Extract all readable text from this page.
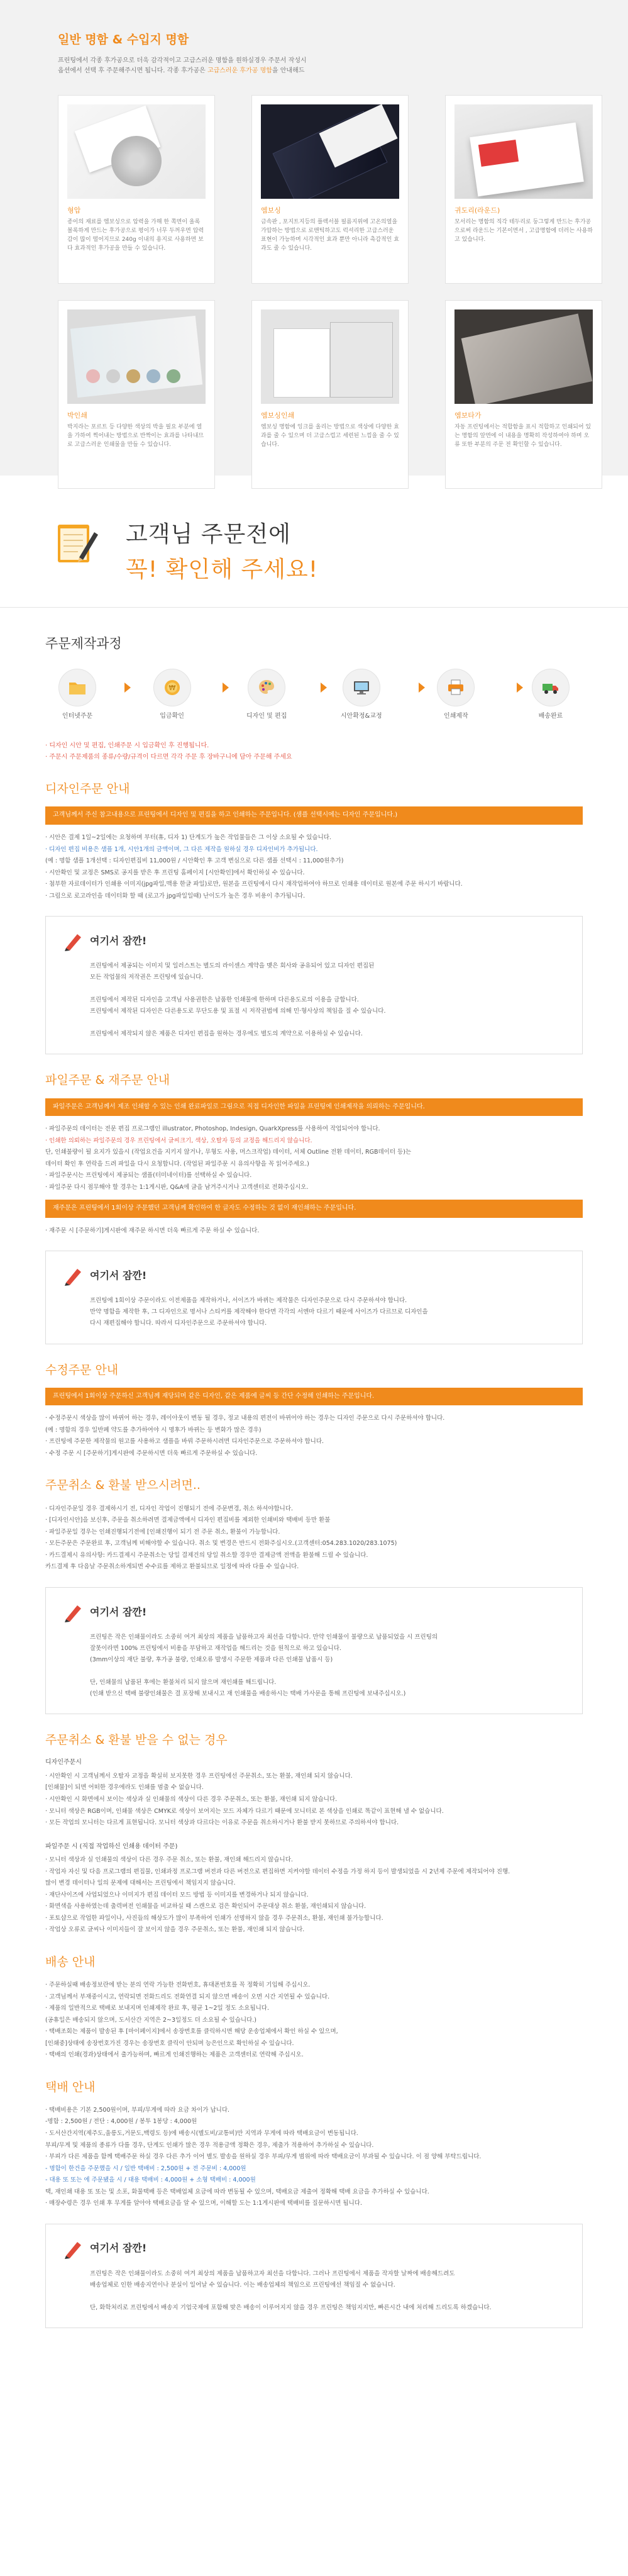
일반 명함 & 수입지 명함
프린팅에서 각종 후가공으로 더욱 감각적이고 고급스러운 명함을 원하실경우 주문서 작성시
옵션에서 선택 후 주문해주시면 됩니다. 각종 후가공은 고급스러운 후가공 명함을 안내해드
형압
종이의 재료를 엠보싱으로 압력을 가해 한 쪽면이 올록 볼록하게 만드는 후가공으로 평이가 너무 두꺼우면 압력감이 많이 떨어지므로 240g 이내의 용지로 사용하면 보다 효과적인 후가공을 만들 수 있습니다.
엠보싱
금속판 , 포지트지등의 플렉서블 필름지위에 고온의열을 가압하는 방법으로 로맨틱하고도 럭셔리한 고급스러운 표현이 가능하며 시각적인 효과 뿐만 아니라 촉감적인 효과도 줄 수 있습니다.
귀도리(라운드)
모서리는 명함의 직각 테두리로 둥그렇게 만드는 후가공으로써 라운드는 기본이면서 , 고급명함에 더러는 사용하고 있습니다.
박인쇄
박지라는 포르트 등 다양한 색상의 박을 필요 부분에 열을 가하여 찍어내는 방법으로 반짝이는 효과를 나타내므로 고급스러운 인쇄물을 만들 수 있습니다.
엠보싱인쇄
엠보싱 명함에 잉크를 올리는 방법으로 색상에 다양한 효과를 줄 수 있으며 더 고급스럽고 세련된 느낌을 줄 수 있습니다.
엠보타가
자동 프린팅에서는 적합함을 표시 적합하고 인쇄되어 있는 명함의 앞면에 이 내용을 명확히 작성하여야 하며 오류 또한 부분의 주문 전 확인할 수 있습니다.
고객님 주문전에
꼭! 확인해 주세요!
주문제작과정
인터넷주문
₩
입금확인	디자인 및 편집	시안확정&교정	인쇄제작	배송완료
· 디자인 시안 및 편집, 인쇄주문 시 입금확인 후 진행됩니다.
· 주문시 주문제품의 종류/수량/규격이 다르면 각각 주문 후 장바구니에 담아 주문해 주세요
디자인주문 안내
고객님께서 주신 참고내용으로 프린팅에서 디자인 및 편집을 하고 인쇄하는 주문입니다. (샘플 선택시에는 디자인 주문입니다.)
· 시안은 결제 1일~2일에는 요청하며 부터(휴, 디자 1) 단계도가 높은 작업물들은 그 이상 소요될 수 있습니다.
· 디자인 편집 비용은 샘플 1개, 시안1개의 금액이며, 그 다른 제작을 원하실 경우 디자인비가 추가됩니다.
(예 : 명함 샘플 1개선택 : 디자인편집비 11,000원 / 시안확인 후 고객 변심으로 다른 샘플 선택시 : 11,000원추가)
· 시안확인 및 교정은 SMS로 공지를 받은 후 프린팅 홈페이지 [시안확인]에서 확인하실 수 있습니다.
· 첨부한 자료데이터가 인쇄용 이미지(jpg파일,맥용 한글 파일)로만, 원본을 프린팅에서 다시 재작업하여야 하므로 인쇄용 데이터로 원본에 주문 하시기 바랍니다.
· 그림으로 로고라인을 데이터화 할 때 (로고가 jpg파일일때) 난이도가 높은 경우 비용이 추가됩니다.
여기서 잠깐!

프린팅에서 제공되는 이미지 및 일러스트는 별도의 라이센스 계약을 맺은 회사와 공유되어 있고 디자인 편집된
모든 작업물의 저작권은 프린팅에 있습니다.

프린팅에서 제작된 디자인을 고객님 사용권한은 납품한 인쇄물에 한하며 다른용도로의 이용을 금합니다.
프린팅에서 제작된 디자인은 다른용도로 무단도용 및 표절 시 저작권법에 의해 민·형사상의 책임을 질 수 있습니다.

프린팅에서 제작되지 않은 제품은 디자인 편집을 원하는 경우에도 별도의 계약으로 이용하실 수 있습니다.

파일주문 & 재주문 안내
파일주문은 고객님께서 제조 인쇄할 수 있는 인쇄 완료파일로 그림으로 직접 디자인한 파일을 프린팅에 인쇄제작을 의뢰하는 주문입니다.
· 파일주문의 데이터는 전문 편집 프로그램인 illustrator, Photoshop, Indesign, QuarkXpress를 사용하여 작업되어야 합니다.
· 인쇄한 의뢰하는 파일주문의 경우 프린팅에서 글씨크기, 색상, 오탈자 등의 교정을 해드리지 않습니다.
단, 인쇄불량이 될 요지가 있을시 (작업요건을 지키지 않거나, 무형도 사용, 머스크작업) 데이터, 서체 Outline 전환 데이터, RGB데이터 등)는
데이터 확인 후 연락을 드려 파일을 다시 요청합니다. (작업된 파일주문 시 유의사항을 꼭 읽어주세요.)
· 파일주문시는 프린팅에서 제공되는 샘플(터미네이터)를 선택하실 수 있습니다.
· 파일주문 다시 점무해야 할 경우는 1:1게시판, Q&A에 글을 남겨주시거나 고객센터로 전화주십시오.
재주문은 프린팅에서 1회이상 주문했던 고객님께 확인하여 한 글자도 수정하는 것 없이 재인쇄하는 주문입니다.
· 재주문 시 [주문하기]게시판에 재주문 하시면 더욱 빠르게 주문 하실 수 있습니다.
여기서 잠깐!

프린팅에 1회이상 주문이라도 이전제품을 제작하거나, 서이즈가 바뀌는 제작물은 디자인주문으로 다시 주문하셔야 합니다.
만약 명함을 제작한 후, 그 디자인으로 명서나 스티커를 제작해야 한다면 각각의 서엔마 다르기 때문에 사이즈가 다르므로 디자인을
다시 재편집해야 합니다. 따라서 디자인주문으로 주문하셔야 합니다.

수정주문 안내
프린팅에서 1회이상 주문하신 고객님께 재당되며 같은 디자인, 같은 제품에 글씨 등 간단 수정해 인쇄하는 주문입니다.
· 수정주문시 색상을 많이 바뀌어 하는 경우, 레이아웃이 변동 될 경우, 정교 내용의 편전이 바뀌어야 하는 경우는 디자인 주문으로 다시 주문하셔야 합니다.
(예 : 명함의 경우 일반폐 약도를 추가하여야 시 명후가 바뀌는 등 변화가 많은 경우)
· 프린팅에 주문한 제작물의 원고를 사용하고 샘플을 바꿔 주문하시려면 디자인주문으로 주문하셔야 합니다.
· 수정 주문 시 [주문하기]게시판에 주문하시면 더욱 빠르게 주문하실 수 있습니다.
주문취소 & 환불 받으시려면..
· 디자인주문일 경우 결제하시기 전, 디자인 작업이 진행되기 전에 주문변경, 취소 하셔야합니다.
· [디자인시안]을 보신후, 주문을 취소하려면 결제금액에서 디자인 편집비를 제외한 인쇄비와 택배비 등만 환불
· 파일주문일 경우는 인쇄진행되기전에 [인쇄진행이 되기 전 주문 취소, 환불이 가능합니다.
· 모든주문은 주문완료 후, 고객님께 비해야할 수 있습니다. 취소 및 변경은 반드시 전화주십시오.(고객센터:054.283.1020/283.1075)
· 카드결제시 유의사항: 카드결제시 주문취소는 당일 결제건의 당일 취소할 경우만 결제금액 전액을 환불해 드릴 수 있습니다.
카드결제 후 다음날 주문취소하게되면 수수료를 제하고 환불되므로 일정에 따라 다를 수 있습니다.
여기서 잠깐!

프린팅은 작은 인쇄물이라도 소중히 여겨 최상의 제품을 납품하고자 최선을 다합니다. 만약 인쇄물이 불량으로 납품되었을 시 프린팅의
잘못이라면 100% 프린팅에서 비용을 부담하고 재작업을 해드리는 것을 원칙으로 하고 있습니다.
(3mm이상의 재단 불량, 후가공 불량, 인쇄오류 발생시 주문한 제품과 다른 인쇄물 납품시 등)

단, 인쇄물의 납품된 후에는 환불처리 되지 않으며 재인쇄를 해드립니다.
(인쇄 받으신 택배 불량인쇄물은 결 포장해 보내시고 재 인쇄물을 배송하시는 택배 가사문을 통해 프린팅에 보내주십시오.)

주문취소 & 환불 받을 수 없는 경우
디자인주문시
· 시안확인 시 고객님께서 오탈자 교정을 확실히 보지못한 경우 프린팅에선 주문취소, 또는 환불, 재인쇄 되지 않습니다.
[인쇄물]이 되면 어떠한 경우에라도 인쇄를 멈출 수 없습니다.
· 시안확인 시 화면에서 보이는 색상과 실 인쇄물의 색상이 다른 경우 주문취소, 또는 환불, 재인쇄 되지 않습니다.
· 모니터 색상은 RGB이며, 인쇄물 색상은 CMYK로 색상이 보여지는 모드 자체가 다르기 때문에 모니터로 본 색상을 인쇄로 똑같이 표현해 낼 수 없습니다.
· 모든 작업의 모니터는 다르게 표현됩니다. 모니터 색상과 다르다는 이유로 주문을 취소하시거나 환불 받지 못하므로 주의하셔야 합니다.
파일주문 시 (직접 작업하신 인쇄용 데이터 주문)
· 모니터 색상과 실 인쇄물의 색상이 다른 경우 주문 취소, 또는 환불, 재인쇄 해드리지 않습니다.
· 작업자 자신 및 다음 프로그램의 편집물, 인쇄과정 프로그램 버전과 다른 버전으로 편집하면 지켜야할 데이터 수정을 가정 하지 등이 발생되었을 시 2년제 주문에 제작되어야 진행.
많이 변경 데이터나 일의 문제에 대해서는 프린팅에서 책임지지 않습니다.
· 재단사이즈에 사업되었으나 이미지가 편집 데이터 모드 방법 등 이미지를 변경하거나 되지 않습니다.
· 화면색을 사용하였는데 출력버전 인쇄물을 비교하실 때 스캔으로 검은 확인되어 주문대상 취소 환불, 재인쇄되지 않습니다.
· 포토샵으로 작업한 파일이나, 사진들의 해상도가 많이 부족하여 인쇄가 선명하지 않을 경우 주문취소, 환불, 재인쇄 불가능합니다.
· 작업상 오류로 글씨나 이미지들이 잘 보이지 않을 경우 주문취소, 또는 환불, 재인쇄 되지 않습니다.
배송 안내
· 주문하실때 배송정보란에 받는 분의 연락 가능한 전화번호, 휴대폰번호를 꼭 정확히 기입해 주십시오.
· 고객님께서 부재중이시고, 연락되면 전화드리도 전화연결 되지 않으면 배송이 오면 시간 지연될 수 있습니다.
· 제품의 일반적으로 택배로 보내지며 인쇄제작 완료 후, 평균 1~2일 정도 소요됩니다.
(공휴일은 배송되지 않으며, 도서산간 지역은 2~3일정도 더 소요될 수 있습니다.)
· 택배조회는 제품이 발송된 후 [마이페이지]에서 송장번호를 클릭하시면 해당 운송업체에서 확인 하실 수 있으며,
[인쇄중]상태에 송장번호가진 경우는 송장번호 클릭이 안되며 능은인으로 확인하실 수 있습니다.
· 택배의 인쇄(경과)상태에서 출가능하며, 빠르게 인쇄진행하는 제품은 고객센터로 연락해 주십시오.
택배 안내
· 택배비용은 기본 2,500원이며, 부피/무게에 따라 요금 차이가 납니다.
-명함 : 2,500원 / 전단 : 4,000원 / 봉투 1봉당 : 4,000원
· 도서산간지역(제주도,울릉도,거문도,백령도 등)에 배송시(별도비/교통비)만 지역과 무게에 따라 택배요금이 변동됩니다.
부피/무게 및 제품의 종류가 다를 경우, 단계도 인쇄가 많은 경우 적용금액 정확은 경우, 제출가 적용하여 추가하실 수 있습니다.
· 부피가 다른 제품을 함께 택배주문 하실 경우 다른 추가 이어 별도 발송을 원하실 경우 부피/무게 범위에 따라 택배요금이 부과될 수 있습니다. 이 점 양해 부탁드립니다.
- 명함이 한건을 주문했을 시 / 일반 택배비 : 2,500원 + 전 주문비 : 4,000원
- 대용 또 또는 에 주문됐을 시 / 대용 택배비 : 4,000원 + 소형 택배비 : 4,000원
택, 재인쇄 대용 또 또는 및 소포, 화물택배 등은 택배업체 요금에 따라 변동될 수 있으며, 택배요금 제출여 정확해 택배 요금을 추가하실 수 있습니다.
· 매장수령은 경우 인쇄 후 무게를 알아야 택배요금을 알 수 있으며, 이해할 도는 1:1게시판에 택배비를 질문하시면 됩니다.
여기서 잠깐!

프린팅은 작은 인쇄물이라도 소중히 여겨 최상의 제품을 납품하고자 최선을 다합니다. 그러나 프린팅에서 제품을 작자할 날짜에 배송해드려도
배송업체로 인한 배송지연이나 분실이 일어날 수 있습니다. 이는 배송업체의 책임으로 프린팅에선 책임질 수 없습니다.

단, 화학처리로 프린팅에서 배송지 기업국제에 포함해 맞은 배송이 이루어지지 않을 경우 프린팅은 책임지지만, 빠른시간 내에 처리해 드리도록 하겠습니다.
